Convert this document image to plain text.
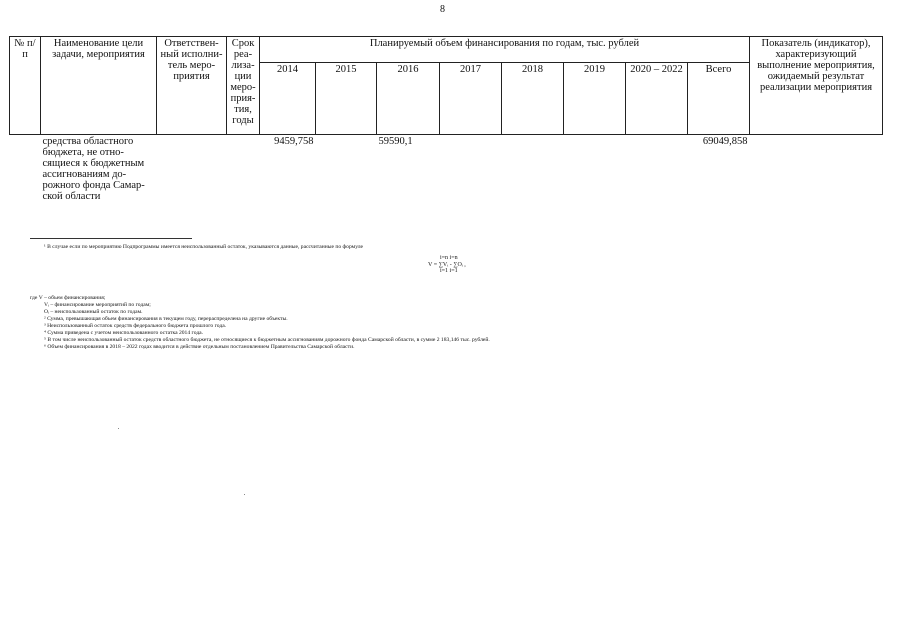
8
№ п/п	Наименование цели задачи, мероприятия	Ответствен-ный исполни-тель меро-приятия	Срок реа-лиза-ции меро-прия-тия, годы	Планируемый объем финансирования по годам, тыс. рублей								Показатель (индикатор), характеризующий выполнение мероприятия, ожидаемый результат реализации мероприятия
				2014	2015	2016	2017	2018	2019	2020 – 2022	Всего	
	средства областного бюджета, не отно-сящиеся к бюджетным ассигнованиям до-рожного фонда Самар-ской области			9459,758		59590,1					69049,858	
¹ В случае если по мероприятию Подпрограммы имеется неиспользованный остаток, указываются данные, рассчитанные по формуле
i=n i=n
V = ∑Vᵢ - ∑Oᵢ ,
i=1 i=1
где V – объем финансирования;
Vᵢ – финансирование мероприятий по годам;
Oᵢ – неиспользованный остаток по годам.
² Сумма, превышающая объем финансирования в текущем году, перераспределена на другие объекты.
³ Неиспользованный остаток средств федерального бюджета прошлого года.
⁴ Сумма приведена с учетом неиспользованного остатка 2014 года.
⁵ В том числе неиспользованный остаток средств областного бюджета, не относящиеся к бюджетным ассигнованиям дорожного фонда Самарской области, в сумме 2 183,146 тыс. рублей.
⁶ Объем финансирования в 2018 – 2022 годах вводится в действие отдельным постановлением Правительства Самарской области.
